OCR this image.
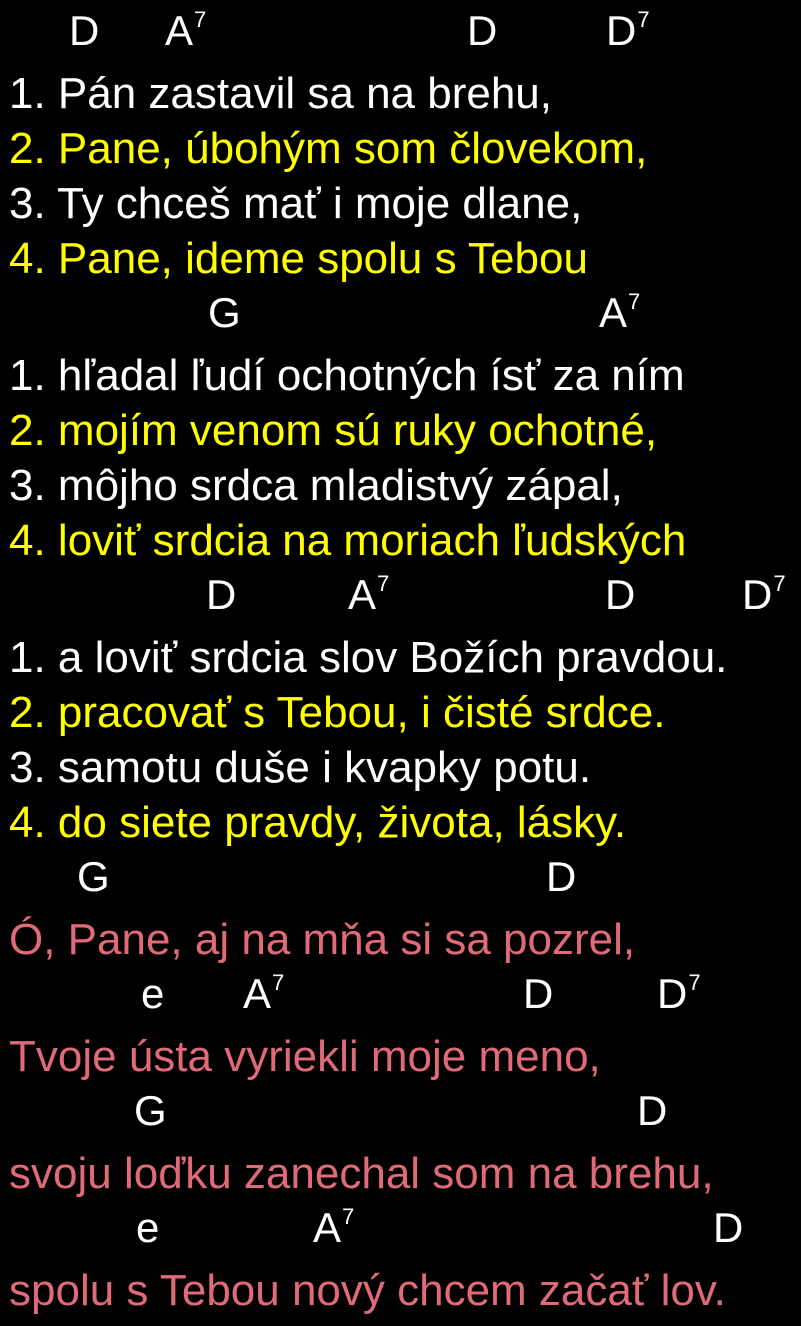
D $A^7$	D	$D^7$
1. Pán zastavil sa na brehu,
2. Pane, úbohým som človekom,
3. Ty chceš mať i moje dlane,
4. Pane, ideme spolu s Tebou
G	$A^7$
1. hľadal ľudí ochotných ísť za ním
2. mojím venom sú ruky ochotné,
3. môjho srdca mladistvý zápal,
4. loviť srdcia na moriach ľudských
D	$A^7$	D	$D^7$
1. a loviť srdcia slov Božích pravdou.
2. pracovať s Tebou, i čisté srdce.
3. samotu duše i kvapky potu.
4. do siete pravdy, života, lásky.
G	D
Ó, Pane, aj na mňa si sa pozrel,
e $A^7$	D $D^7$
Tvoje ústa vyriekli moje meno,
G	D
svoju loďku zanechal som na brehu,
e	$A^7$	D
spolu s Tebou nový chcem začať lov.
